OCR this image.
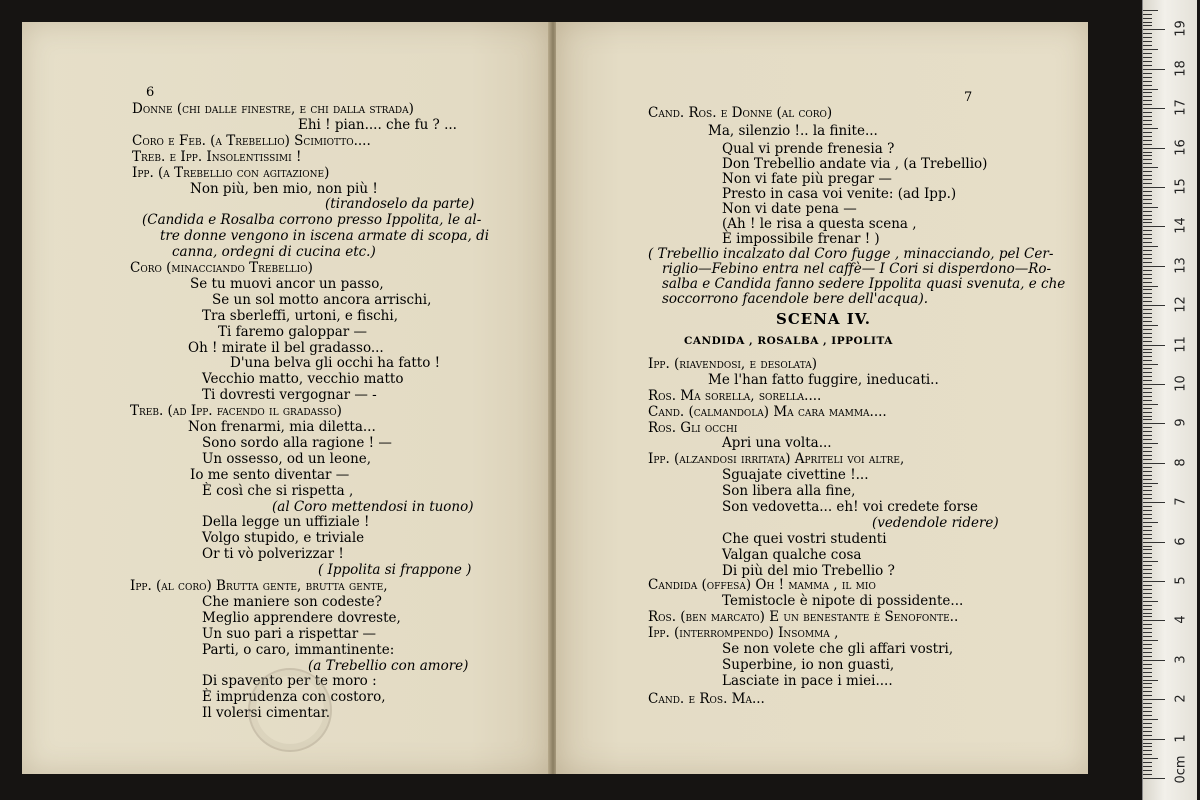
Donne (chi dalle finestre, e chi dalla strada)
Ehi ! pian.... che fu ? ...
Coro e Feb. (a Trebellio) Scimiotto....
Treb. e Ipp. Insolentissimi !
Ipp. (a Trebellio con agitazione)
Non più, ben mio, non più !
(tirandoselo da parte)
(Candida e Rosalba corrono presso Ippolita, le al-
tre donne vengono in iscena armate di scopa, di
canna, ordegni di cucina etc.)
Coro (minacciando Trebellio)
Se tu muovi ancor un passo,
Se un sol motto ancora arrischi,
Tra sberleffi, urtoni, e fischi,
Ti faremo galoppar —
Oh ! mirate il bel gradasso...
D'una belva gli occhi ha fatto !
Vecchio matto, vecchio matto
Ti dovresti vergognar — -
Treb. (ad Ipp. facendo il gradasso)
Non frenarmi, mia diletta...
Sono sordo alla ragione ! —
Un ossesso, od un leone,
Io me sento diventar —
È così che si rispetta ,
(al Coro mettendosi in tuono)
Della legge un uffiziale !
Volgo stupido, e triviale
Or ti vò polverizzar !
( Ippolita si frappone )
Ipp. (al coro) Brutta gente, brutta gente,
Che maniere son codeste?
Meglio apprendere dovreste,
Un suo pari a rispettar —
Parti, o caro, immantinente:
(a Trebellio con amore)
Di spavento per te moro :
È imprudenza con costoro,
Il volersi cimentar.
Cand. Ros. e Donne (al coro)
Ma, silenzio !.. la finite...
Qual vi prende frenesia ?
Don Trebellio andate via , (a Trebellio)
Non vi fate più pregar —
Presto in casa voi venite: (ad Ipp.)
Non vi date pena —
(Ah ! le risa a questa scena ,
È impossibile frenar ! )
( Trebellio incalzato dal Coro fugge , minacciando, pel Cer-
riglio—Febino entra nel caffè— I Cori si disperdono—Ro-
salba e Candida fanno sedere Ippolita quasi svenuta, e che
soccorrono facendole bere dell'acqua).
SCENA IV.
CANDIDA , ROSALBA , IPPOLITA
Ipp. (riavendosi, e desolata)
Me l'han fatto fuggire, ineducati..
Ros. Ma sorella, sorella....
Cand. (calmandola) Ma cara mamma....
Ros. Gli occhi
Apri una volta...
Ipp. (alzandosi irritata) Apriteli voi altre,
Sguajate civettine !...
Son libera alla fine,
Son vedovetta... eh! voi credete forse
(vedendole ridere)
Che quei vostri studenti
Valgan qualche cosa
Di più del mio Trebellio ?
Candida (offesa) Oh ! mamma , il mio
Temistocle è nipote di possidente...
Ros. (ben marcato) E un benestante è Senofonte..
Ipp. (interrompendo) Insomma ,
Se non volete che gli affari vostri,
Superbine, io non guasti,
Lasciate in pace i miei....
Cand. e Ros. Ma...
6	7
0cm
1
2
3
4
5
6
7
8
9
10
11
12
13
14
15
16
17
18
19
